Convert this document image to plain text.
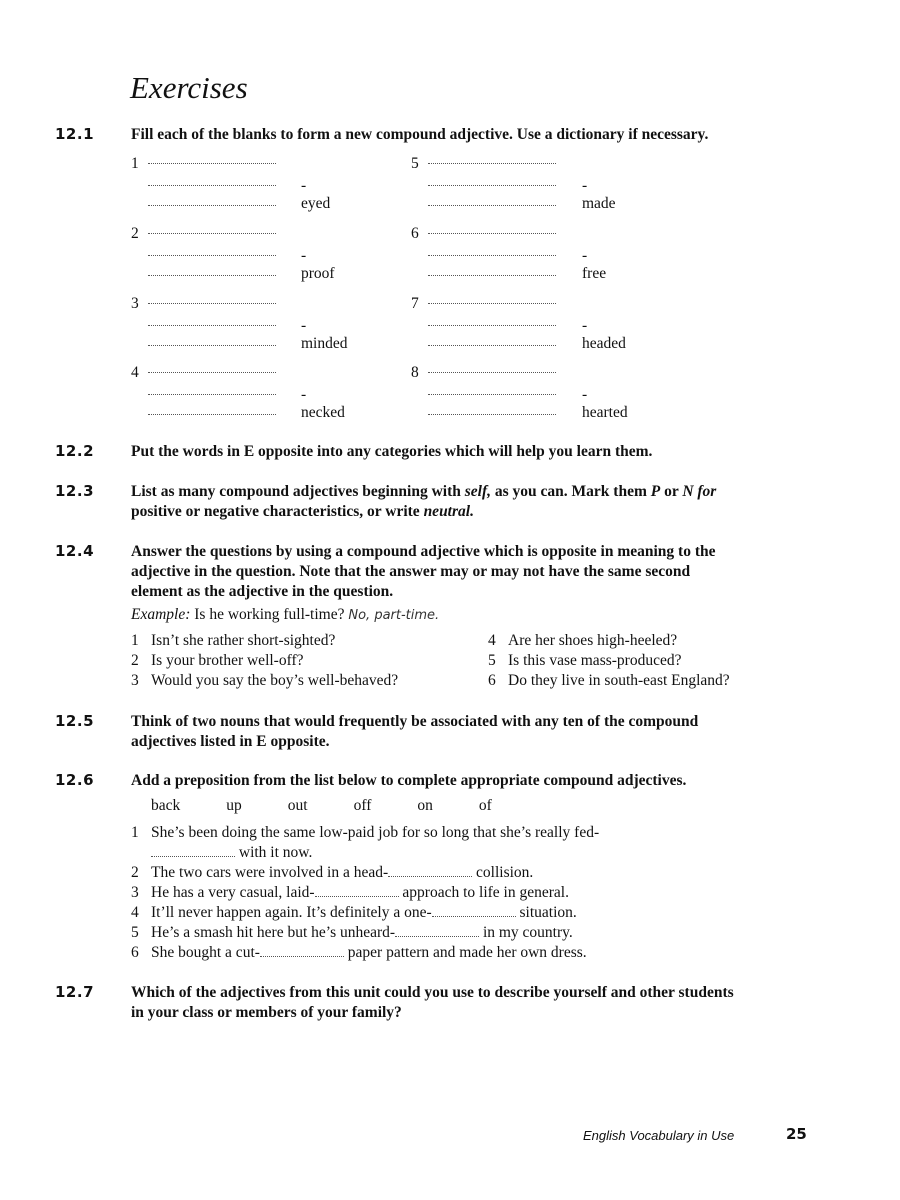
Exercises
12.1 Fill each of the blanks to form a new compound adjective. Use a dictionary if necessary.

1
- eyed
2
- proof
3
- minded
4
- necked
5
- made
6
- free
7
- headed
8
- hearted
12.2 Put the words in E opposite into any categories which will help you learn them.

12.3 List as many compound adjectives beginning with self, as you can. Mark them P or N for
positive or negative characteristics, or write neutral.

12.4 Answer the questions by using a compound adjective which is opposite in meaning to the
adjective in the question. Note that the answer may or may not have the same second
element as the adjective in the question.

Example: Is he working full-time? No, part-time.

1 Isn’t she rather short-sighted?
2 Is your brother well-off?
3 Would you say the boy’s well-behaved?
4 Are her shoes high-heeled?
5 Is this vase mass-produced?
6 Do they live in south-east England?
12.5 Think of two nouns that would frequently be associated with any ten of the compound
adjectives listed in E opposite.

12.6 Add a preposition from the list below to complete appropriate compound adjectives.

back	up	out	off	on	of
1 She’s been doing the same low-paid job for so long that she’s really fed-
with it now.
2 The two cars were involved in a head-	collision.
3 He has a very casual, laid-	approach to life in general.
4 It’ll never happen again. It’s definitely a one-	situation.
5 He’s a smash hit here but he’s unheard-	in my country.
6 She bought a cut-	paper pattern and made her own dress.
12.7 Which of the adjectives from this unit could you use to describe yourself and other students
in your class or members of your family?

English Vocabulary in Use	25
